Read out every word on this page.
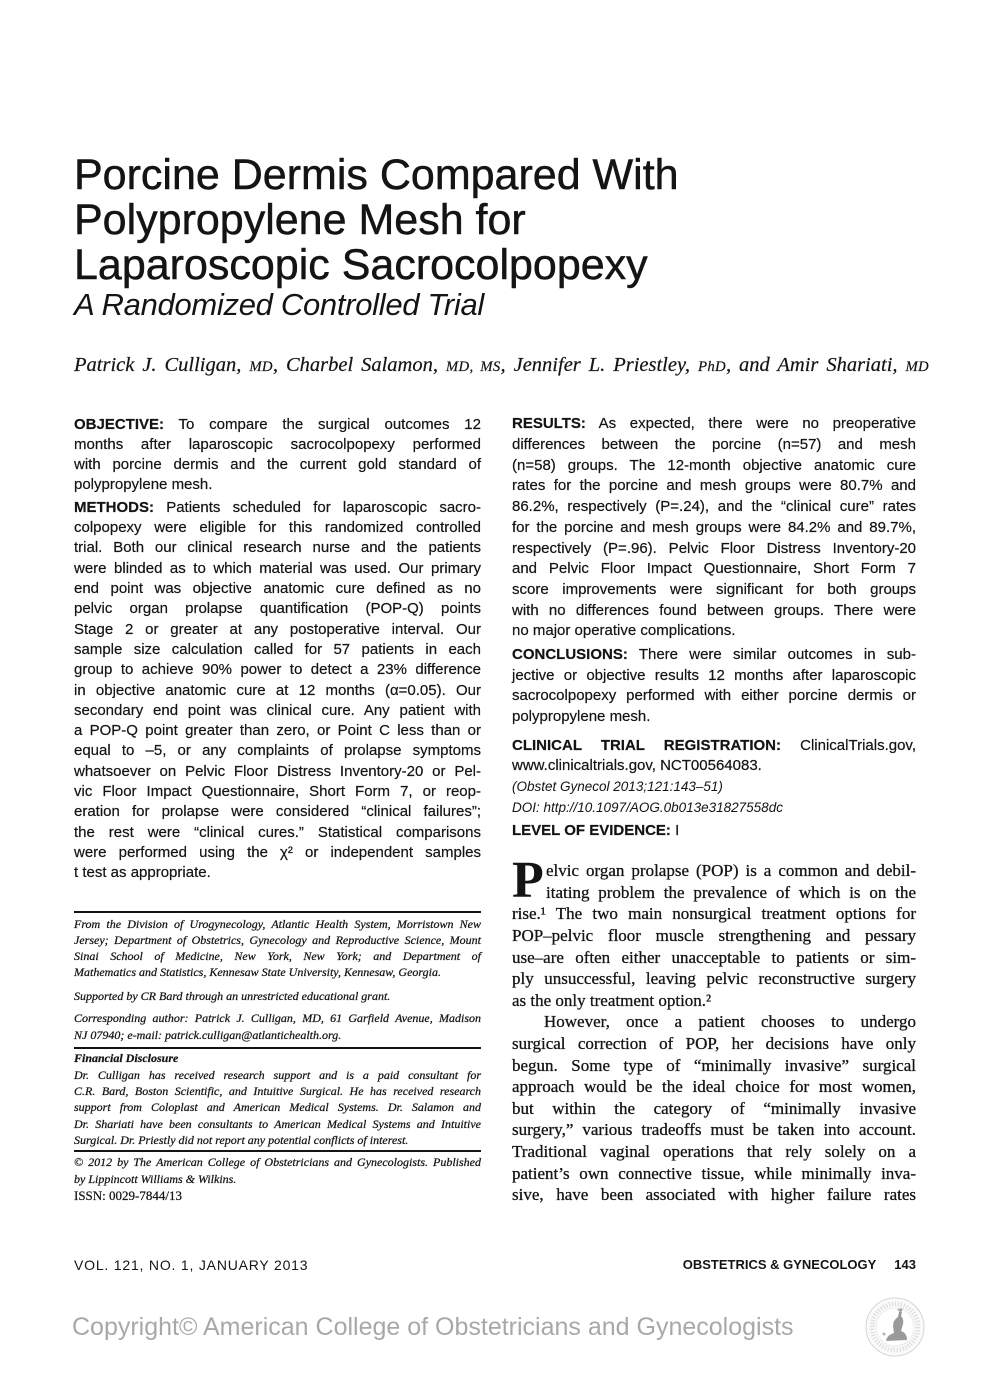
Porcine Dermis Compared With
Polypropylene Mesh for
Laparoscopic Sacrocolpopexy
A Randomized Controlled Trial
Patrick J. Culligan, MD, Charbel Salamon, MD, MS, Jennifer L. Priestley, PhD, and Amir Shariati, MD
OBJECTIVE: To compare the surgical outcomes 12
months after laparoscopic sacrocolpopexy performed
with porcine dermis and the current gold standard of
polypropylene mesh.
METHODS: Patients scheduled for laparoscopic sacro-
colpopexy were eligible for this randomized controlled
trial. Both our clinical research nurse and the patients
were blinded as to which material was used. Our primary
end point was objective anatomic cure defined as no
pelvic organ prolapse quantification (POP-Q) points
Stage 2 or greater at any postoperative interval. Our
sample size calculation called for 57 patients in each
group to achieve 90% power to detect a 23% difference
in objective anatomic cure at 12 months (α=0.05). Our
secondary end point was clinical cure. Any patient with
a POP-Q point greater than zero, or Point C less than or
equal to –5, or any complaints of prolapse symptoms
whatsoever on Pelvic Floor Distress Inventory-20 or Pel-
vic Floor Impact Questionnaire, Short Form 7, or reop-
eration for prolapse were considered “clinical failures”;
the rest were “clinical cures.” Statistical comparisons
were performed using the χ² or independent samples
t test as appropriate.
RESULTS: As expected, there were no preoperative
differences between the porcine (n=57) and mesh
(n=58) groups. The 12-month objective anatomic cure
rates for the porcine and mesh groups were 80.7% and
86.2%, respectively (P=.24), and the “clinical cure” rates
for the porcine and mesh groups were 84.2% and 89.7%,
respectively (P=.96). Pelvic Floor Distress Inventory-20
and Pelvic Floor Impact Questionnaire, Short Form 7
score improvements were significant for both groups
with no differences found between groups. There were
no major operative complications.
CONCLUSIONS: There were similar outcomes in sub-
jective or objective results 12 months after laparoscopic
sacrocolpopexy performed with either porcine dermis or
polypropylene mesh.
CLINICAL TRIAL REGISTRATION: ClinicalTrials.gov,
www.clinicaltrials.gov, NCT00564083.
(Obstet Gynecol 2013;121:143–51)
DOI: http://10.1097/AOG.0b013e31827558dc
LEVEL OF EVIDENCE: I
From the Division of Urogynecology, Atlantic Health System, Morristown New
Jersey; Department of Obstetrics, Gynecology and Reproductive Science, Mount
Sinai School of Medicine, New York, New York; and Department of
Mathematics and Statistics, Kennesaw State University, Kennesaw, Georgia.
Supported by CR Bard through an unrestricted educational grant.
Corresponding author: Patrick J. Culligan, MD, 61 Garfield Avenue, Madison
NJ 07940; e-mail: patrick.culligan@atlantichealth.org.
Financial Disclosure
Dr. Culligan has received research support and is a paid consultant for
C.R. Bard, Boston Scientific, and Intuitive Surgical. He has received research
support from Coloplast and American Medical Systems. Dr. Salamon and
Dr. Shariati have been consultants to American Medical Systems and Intuitive
Surgical. Dr. Priestly did not report any potential conflicts of interest.
© 2012 by The American College of Obstetricians and Gynecologists. Published
by Lippincott Williams & Wilkins.
ISSN: 0029-7844/13
P elvic organ prolapse (POP) is a common and debil-
itating problem the prevalence of which is on the
rise.¹ The two main nonsurgical treatment options for
POP–pelvic floor muscle strengthening and pessary
use–are often either unacceptable to patients or sim-
ply unsuccessful, leaving pelvic reconstructive surgery
as the only treatment option.²
However, once a patient chooses to undergo
surgical correction of POP, her decisions have only
begun. Some type of “minimally invasive” surgical
approach would be the ideal choice for most women,
but within the category of “minimally invasive
surgery,” various tradeoffs must be taken into account.
Traditional vaginal operations that rely solely on a
patient’s own connective tissue, while minimally inva-
sive, have been associated with higher failure rates
VOL. 121, NO. 1, JANUARY 2013	OBSTETRICS & GYNECOLOGY 143
Copyright© American College of Obstetricians and Gynecologists
